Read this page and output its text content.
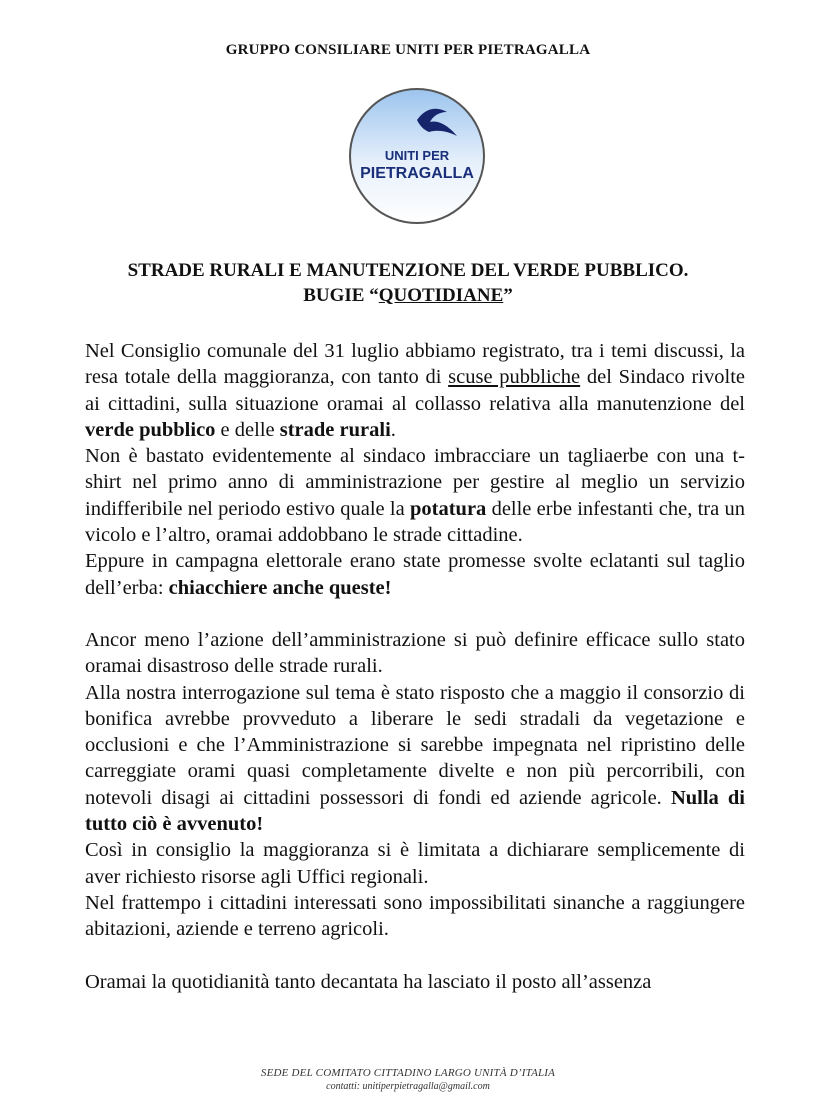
GRUPPO CONSILIARE UNITI PER PIETRAGALLA
UNITI PER
PIETRAGALLA
STRADE RURALI E MANUTENZIONE DEL VERDE PUBBLICO.
BUGIE “QUOTIDIANE”

Nel Consiglio comunale del 31 luglio abbiamo registrato, tra i temi discussi, la resa totale della maggioranza, con tanto di scuse pubbliche del Sindaco rivolte ai cittadini, sulla situazione oramai al collasso relativa alla manutenzione del verde pubblico e delle strade rurali.

Non è bastato evidentemente al sindaco imbracciare un tagliaerbe con una t-shirt nel primo anno di amministrazione per gestire al meglio un servizio indifferibile nel periodo estivo quale la potatura delle erbe infestanti che, tra un vicolo e l’altro, oramai addobbano le strade cittadine.

Eppure in campagna elettorale erano state promesse svolte eclatanti sul taglio dell’erba: chiacchiere anche queste!

Ancor meno l’azione dell’amministrazione si può definire efficace sullo stato oramai disastroso delle strade rurali.

Alla nostra interrogazione sul tema è stato risposto che a maggio il consorzio di bonifica avrebbe provveduto a liberare le sedi stradali da vegetazione e occlusioni e che l’Amministrazione si sarebbe impegnata nel ripristino delle carreggiate orami quasi completamente divelte e non più percorribili, con notevoli disagi ai cittadini possessori di fondi ed aziende agricole. Nulla di tutto ciò è avvenuto!

Così in consiglio la maggioranza si è limitata a dichiarare semplicemente di aver richiesto risorse agli Uffici regionali.

Nel frattempo i cittadini interessati sono impossibilitati sinanche a raggiungere abitazioni, aziende e terreno agricoli.

Oramai la quotidianità tanto decantata ha lasciato il posto all’assenza

SEDE DEL COMITATO CITTADINO LARGO UNITÀ D’ITALIA
contatti: unitiperpietragalla@gmail.com
